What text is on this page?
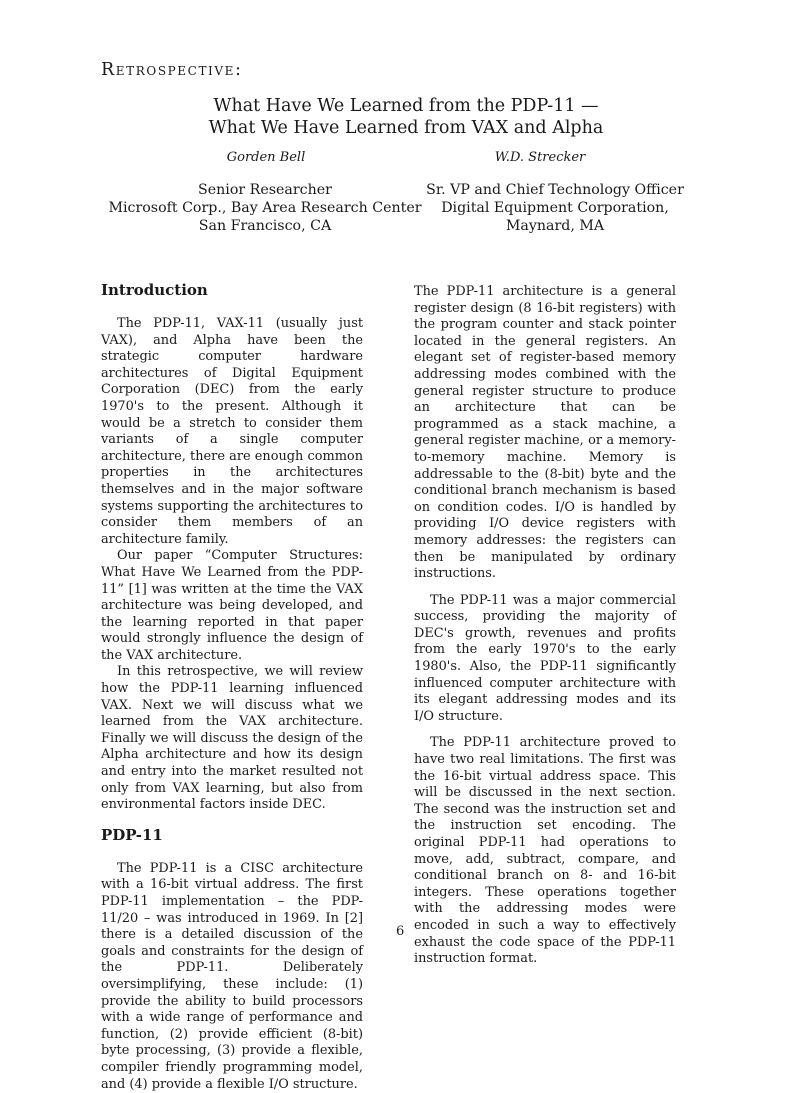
Retrospective:
What Have We Learned from the PDP-11 —
What We Have Learned from VAX and Alpha
Gorden Bell	W.D. Strecker
Senior Researcher
Microsoft Corp., Bay Area Research Center
San Francisco, CA
Sr. VP and Chief Technology Officer
Digital Equipment Corporation,
Maynard, MA
Introduction

The PDP-11, VAX-11 (usually just VAX), and Alpha have been the strategic computer hardware architectures of Digital Equipment Corporation (DEC) from the early 1970's to the present. Although it would be a stretch to consider them variants of a single computer architecture, there are enough common properties in the architectures themselves and in the major software systems supporting the architectures to consider them members of an architecture family.

Our paper “Computer Structures: What Have We Learned from the PDP-11” [1] was written at the time the VAX architecture was being developed, and the learning reported in that paper would strongly influence the design of the VAX architecture.

In this retrospective, we will review how the PDP-11 learning influenced VAX. Next we will discuss what we learned from the VAX architecture. Finally we will discuss the design of the Alpha architecture and how its design and entry into the market resulted not only from VAX learning, but also from environmental factors inside DEC.

PDP-11

The PDP-11 is a CISC architecture with a 16-bit virtual address. The first PDP-11 implementation – the PDP-11/20 – was introduced in 1969. In [2] there is a detailed discussion of the goals and constraints for the design of the PDP-11. Deliberately oversimplifying, these include: (1) provide the ability to build processors with a wide range of performance and function, (2) provide efficient (8-bit) byte processing, (3) provide a flexible, compiler friendly programming model, and (4) provide a flexible I/O structure.

The PDP-11 architecture is a general register design (8 16-bit registers) with the program counter and stack pointer located in the general registers. An elegant set of register-based memory addressing modes combined with the general register structure to produce an architecture that can be programmed as a stack machine, a general register machine, or a memory-to-memory machine. Memory is addressable to the (8-bit) byte and the conditional branch mechanism is based on condition codes. I/O is handled by providing I/O device registers with memory addresses: the registers can then be manipulated by ordinary instructions.

The PDP-11 was a major commercial success, providing the majority of DEC's growth, revenues and profits from the early 1970's to the early 1980's. Also, the PDP-11 significantly influenced computer architecture with its elegant addressing modes and its I/O structure.

The PDP-11 architecture proved to have two real limitations. The first was the 16-bit virtual address space. This will be discussed in the next section. The second was the instruction set and the instruction set encoding. The original PDP-11 had operations to move, add, subtract, compare, and conditional branch on 8- and 16-bit integers. These operations together with the addressing modes were encoded in such a way to effectively exhaust the code space of the PDP-11 instruction format.

6
